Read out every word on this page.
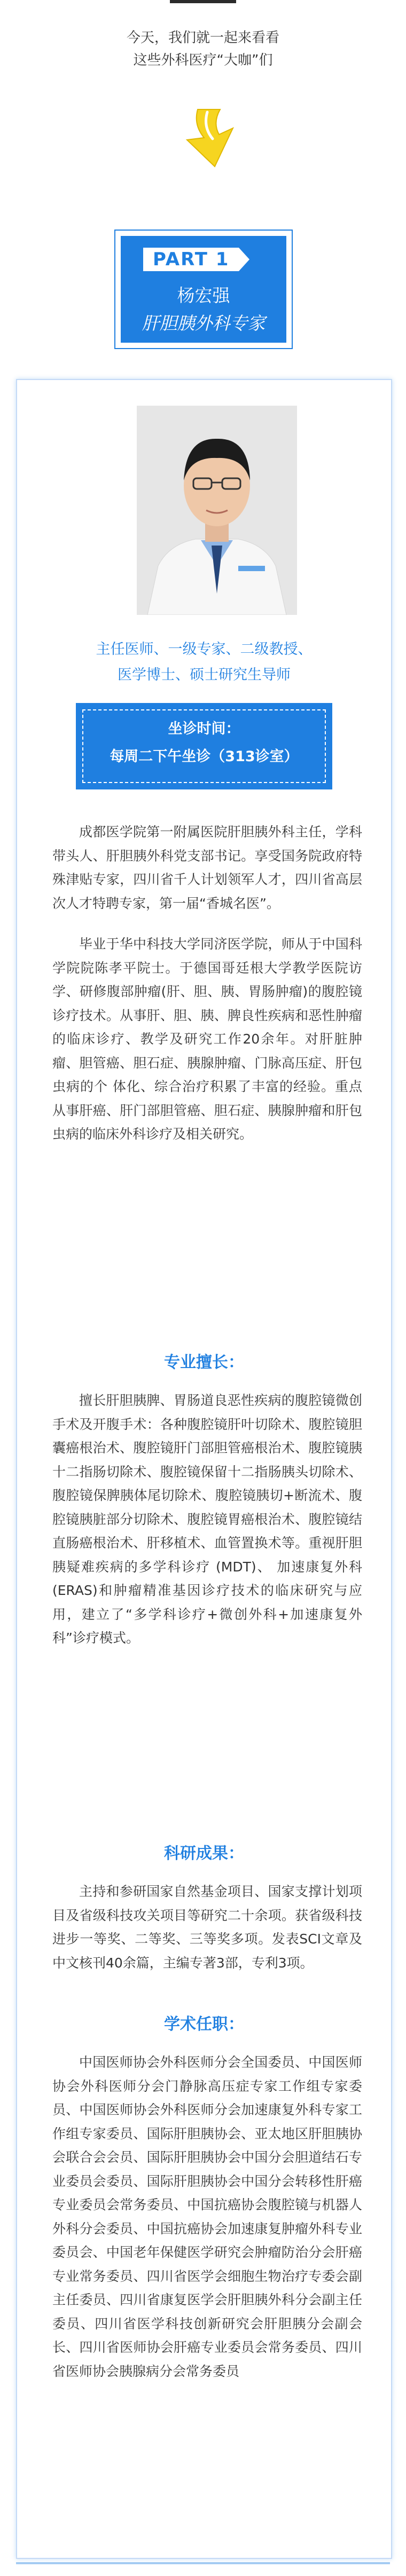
今天，我们就一起来看看
这些外科医疗“大咖”们
PART 1
杨宏强
肝胆胰外科专家
主任医师、一级专家、二级教授、
医学博士、硕士研究生导师
坐诊时间：
每周二下午坐诊（313诊室）

成都医学院第一附属医院肝胆胰外科主任，学科带头人、肝胆胰外科党支部书记。享受国务院政府特殊津贴专家，四川省千人计划领军人才，四川省高层次人才特聘专家，第一届“香城名医”。

毕业于华中科技大学同济医学院，师从于中国科学院院陈孝平院士。于德国哥廷根大学教学医院访学、研修腹部肿瘤(肝、胆、胰、胃肠肿瘤)的腹腔镜诊疗技术。从事肝、胆、胰、脾良性疾病和恶性肿瘤的临床诊疗、教学及研究工作20余年。对肝脏肿瘤、胆管癌、胆石症、胰腺肿瘤、门脉高压症、肝包虫病的个 体化、综合治疗积累了丰富的经验。重点从事肝癌、肝门部胆管癌、胆石症、胰腺肿瘤和肝包虫病的临床外科诊疗及相关研究。

专业擅长：

擅长肝胆胰脾、胃肠道良恶性疾病的腹腔镜微创手术及开腹手术：各种腹腔镜肝叶切除术、腹腔镜胆 囊癌根治术、腹腔镜肝门部胆管癌根治术、腹腔镜胰十二指肠切除术、腹腔镜保留十二指肠胰头切除术、 腹腔镜保脾胰体尾切除术、腹腔镜胰切+断流术、腹腔镜胰脏部分切除术、腹腔镜胃癌根治术、腹腔镜结 直肠癌根治术、肝移植术、血管置换术等。重视肝胆胰疑难疾病的多学科诊疗 (MDT)、 加速康复外科(ERAS)和肿瘤精准基因诊疗技术的临床研究与应用，建立了“多学科诊疗+微创外科+加速康复外科”诊疗模式。

科研成果：

主持和参研国家自然基金项目、国家支撑计划项目及省级科技攻关项目等研究二十余项。获省级科技 进步一等奖、二等奖、三等奖多项。发表SCI文章及中文核刊40余篇，主编专著3部，专利3项。

学术任职：

中国医师协会外科医师分会全国委员、中国医师协会外科医师分会门静脉高压症专家工作组专家委员、中国医师协会外科医师分会加速康复外科专家工作组专家委员、国际肝胆胰协会、亚太地区肝胆胰协会联合会会员、国际肝胆胰协会中国分会胆道结石专业委员会委员、国际肝胆胰协会中国分会转移性肝癌专业委员会常务委员、中国抗癌协会腹腔镜与机器人外科分会委员、中国抗癌协会加速康复肿瘤外科专业委员会、中国老年保健医学研究会肿瘤防治分会肝癌专业常务委员、四川省医学会细胞生物治疗专委会副主任委员、四川省康复医学会肝胆胰外科分会副主任委员、四川省医学科技创新研究会肝胆胰分会副会长、四川省医师协会肝癌专业委员会常务委员、四川省医师协会胰腺病分会常务委员
